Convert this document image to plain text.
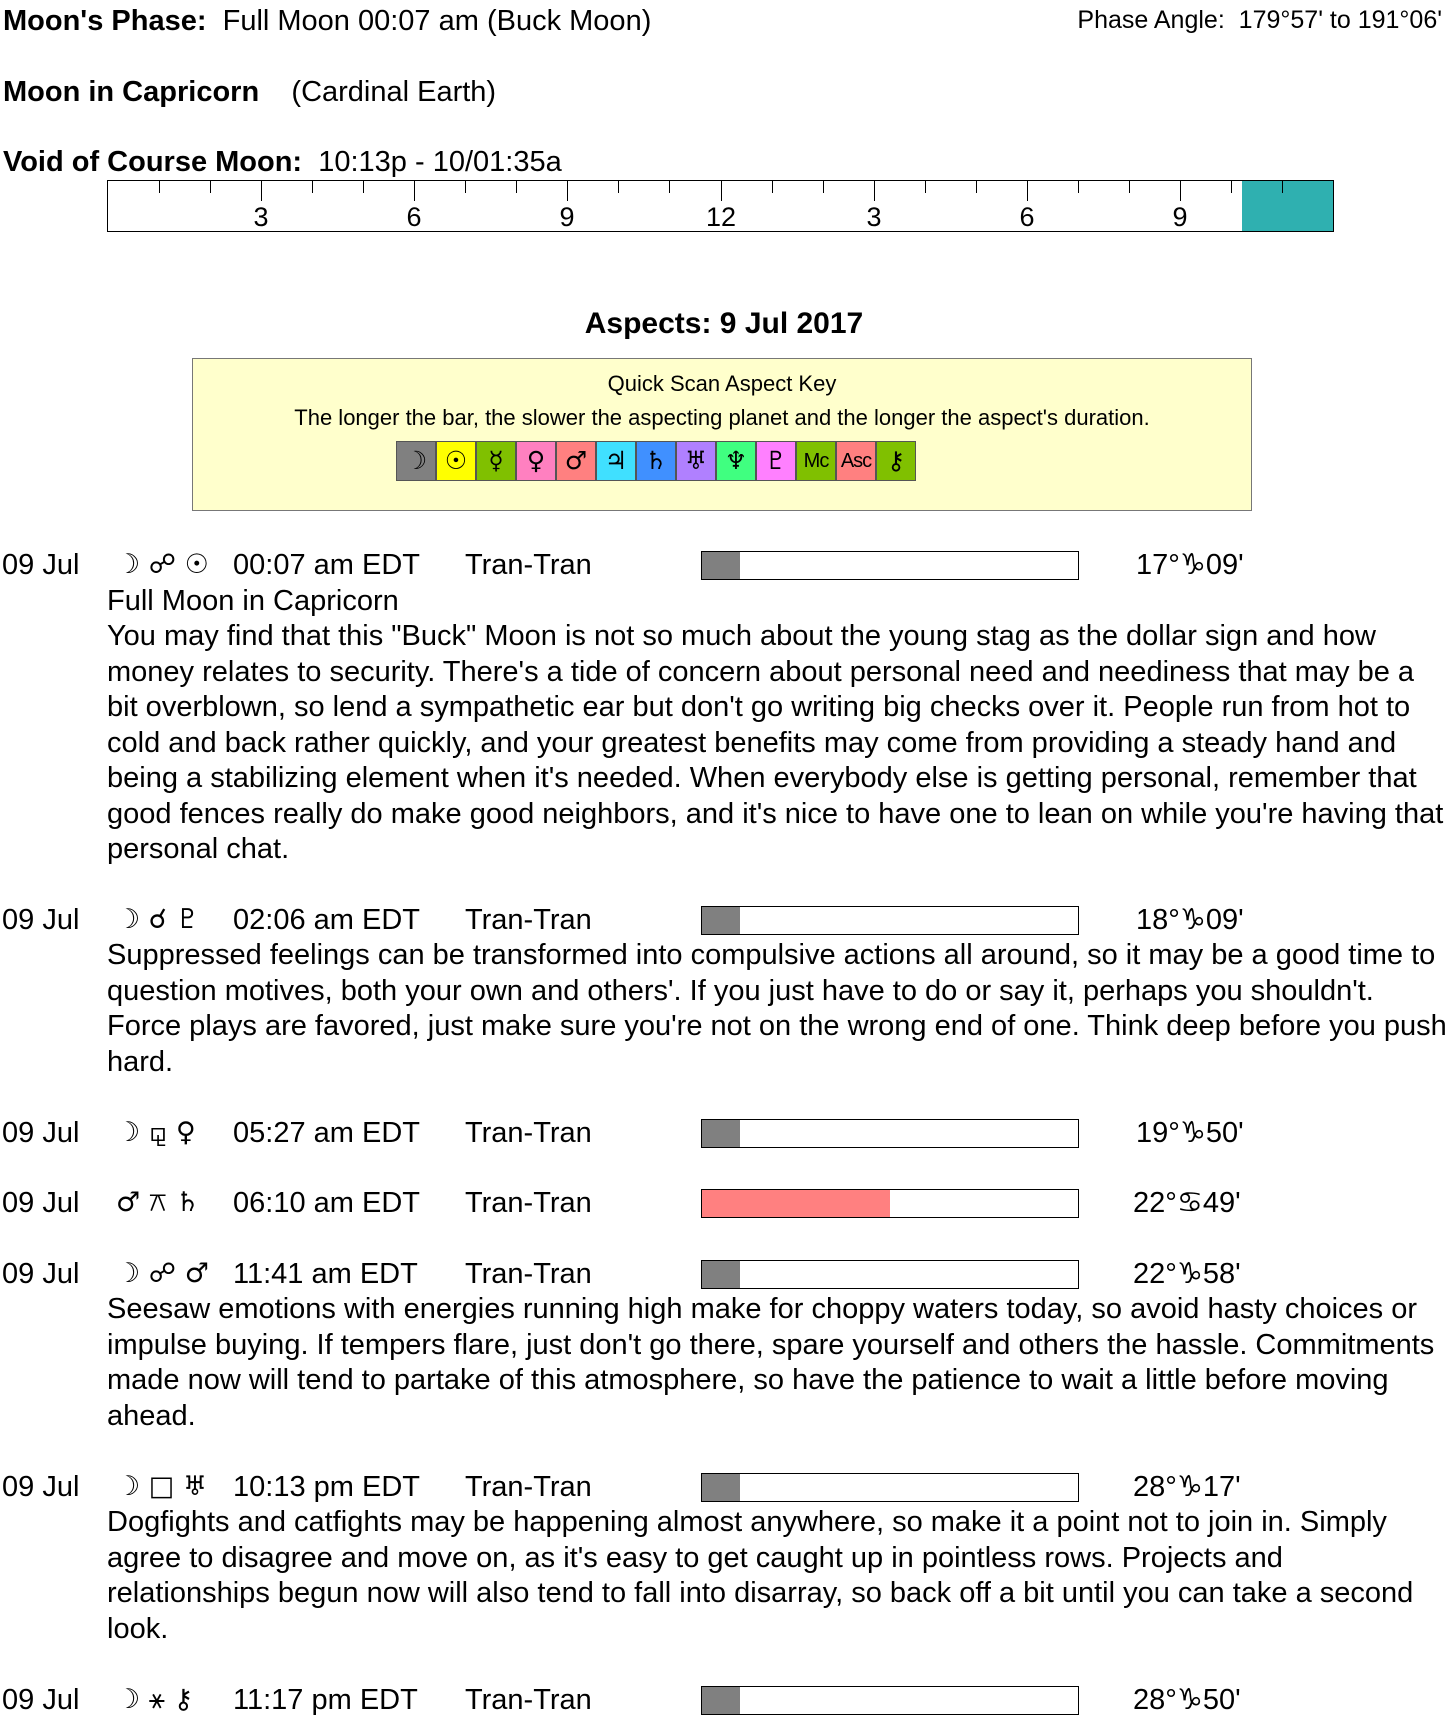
Moon's Phase: Full Moon 00:07 am (Buck Moon)	Phase Angle: 179°57' to 191°06'
Moon in Capricorn (Cardinal Earth)
Void of Course Moon: 10:13p - 10/01:35a
3	6	9	12	3	6	9
Aspects: 9 Jul 2017
Quick Scan Aspect Key
The longer the bar, the slower the aspecting planet and the longer the aspect's duration.
☽ ☉ ☿ ♀ ♂ ♃ ♄ ♅ ♆ ♇ Mc Asc ⚷
09 Jul ☽ ☍ ☉ 00:07 am EDT Tran-Tran	17°♑09'
Full Moon in Capricorn
You may find that this "Buck" Moon is not so much about the young stag as the dollar sign and how money relates to security. There's a tide of concern about personal need and neediness that may be a bit overblown, so lend a sympathetic ear but don't go writing big checks over it. People run from hot to cold and back rather quickly, and your greatest benefits may come from providing a steady hand and being a stabilizing element when it's needed. When everybody else is getting personal, remember that good fences really do make good neighbors, and it's nice to have one to lean on while you're having that personal chat.
09 Jul ☽ ☌ ♇ 02:06 am EDT Tran-Tran	18°♑09'
Suppressed feelings can be transformed into compulsive actions all around, so it may be a good time to question motives, both your own and others'. If you just have to do or say it, perhaps you shouldn't. Force plays are favored, just make sure you're not on the wrong end of one. Think deep before you push hard.
09 Jul ☽ ⚼ ♀ 05:27 am EDT Tran-Tran	19°♑50'
09 Jul ♂ ⚻ ♄ 06:10 am EDT Tran-Tran	22°♋49'
09 Jul ☽ ☍ ♂ 11:41 am EDT Tran-Tran	22°♑58'
Seesaw emotions with energies running high make for choppy waters today, so avoid hasty choices or impulse buying. If tempers flare, just don't go there, spare yourself and others the hassle. Commitments made now will tend to partake of this atmosphere, so have the patience to wait a little before moving ahead.
09 Jul ☽ □ ♅ 10:13 pm EDT Tran-Tran	28°♑17'
Dogfights and catfights may be happening almost anywhere, so make it a point not to join in. Simply agree to disagree and move on, as it's easy to get caught up in pointless rows. Projects and relationships begun now will also tend to fall into disarray, so back off a bit until you can take a second look.
09 Jul ☽ ⚹ ⚷ 11:17 pm EDT Tran-Tran	28°♑50'
